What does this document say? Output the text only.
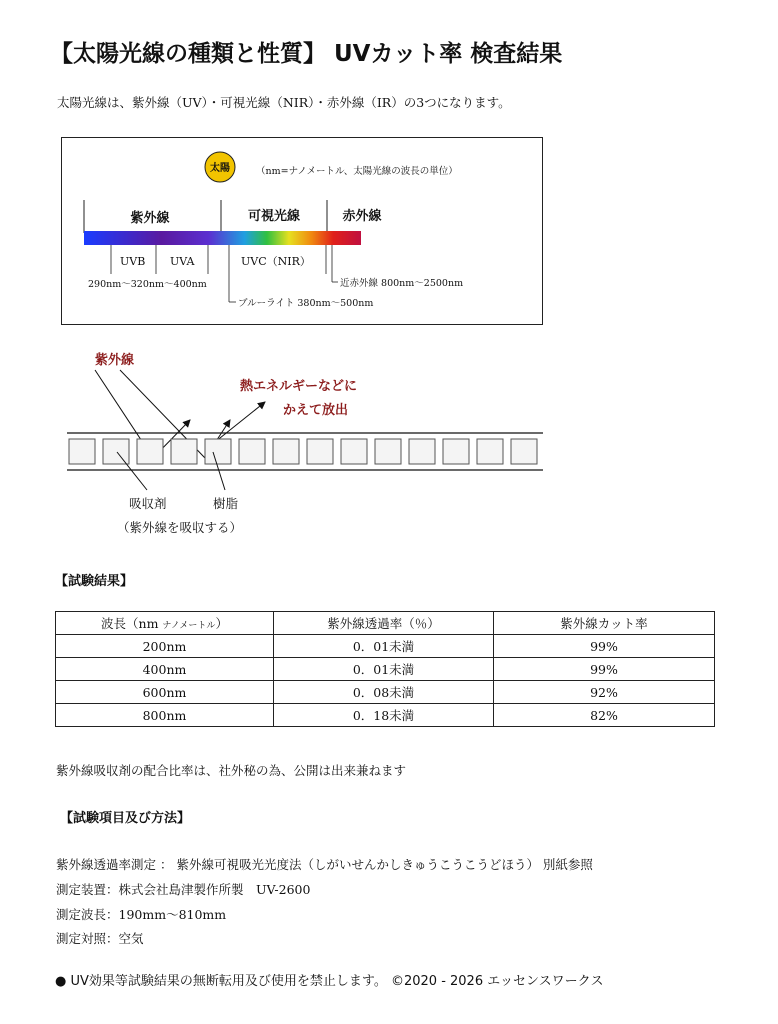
【太陽光線の種類と性質】 UVカット率 検査結果
太陽光線は、紫外線（UV）・可視光線（NIR）・赤外線（IR）の3つになります。
太陽	（nm=ナノメートル、太陽光線の波長の単位）
紫外線	可視光線	赤外線
UVB UVA	UVC（NIR）
290nm～320nm～400nm	近赤外線 800nm～2500nm
ブルーライト 380nm～500nm
紫外線
熱エネルギーなどに
かえて放出
吸収剤	樹脂
（紫外線を吸収する）
【試験結果】
波長（nm ナノメートル）	紫外線透過率（％）	紫外線カット率
200nm	0．01未満	99%
400nm	0．01未満	99%
600nm	0．08未満	92%
800nm	0．18未満	82%
紫外線吸収剤の配合比率は、社外秘の為、公開は出来兼ねます
【試験項目及び方法】
紫外線透過率測定 ： 紫外線可視吸光光度法（しがいせんかしきゅうこうこうどほう） 別紙参照
測定装置：株式会社島津製作所製　UV-2600
測定波長：190mm～810mm
測定対照：空気
● UV効果等試験結果の無断転用及び使用を禁止します。 ©2020 - 2026 エッセンスワークス
